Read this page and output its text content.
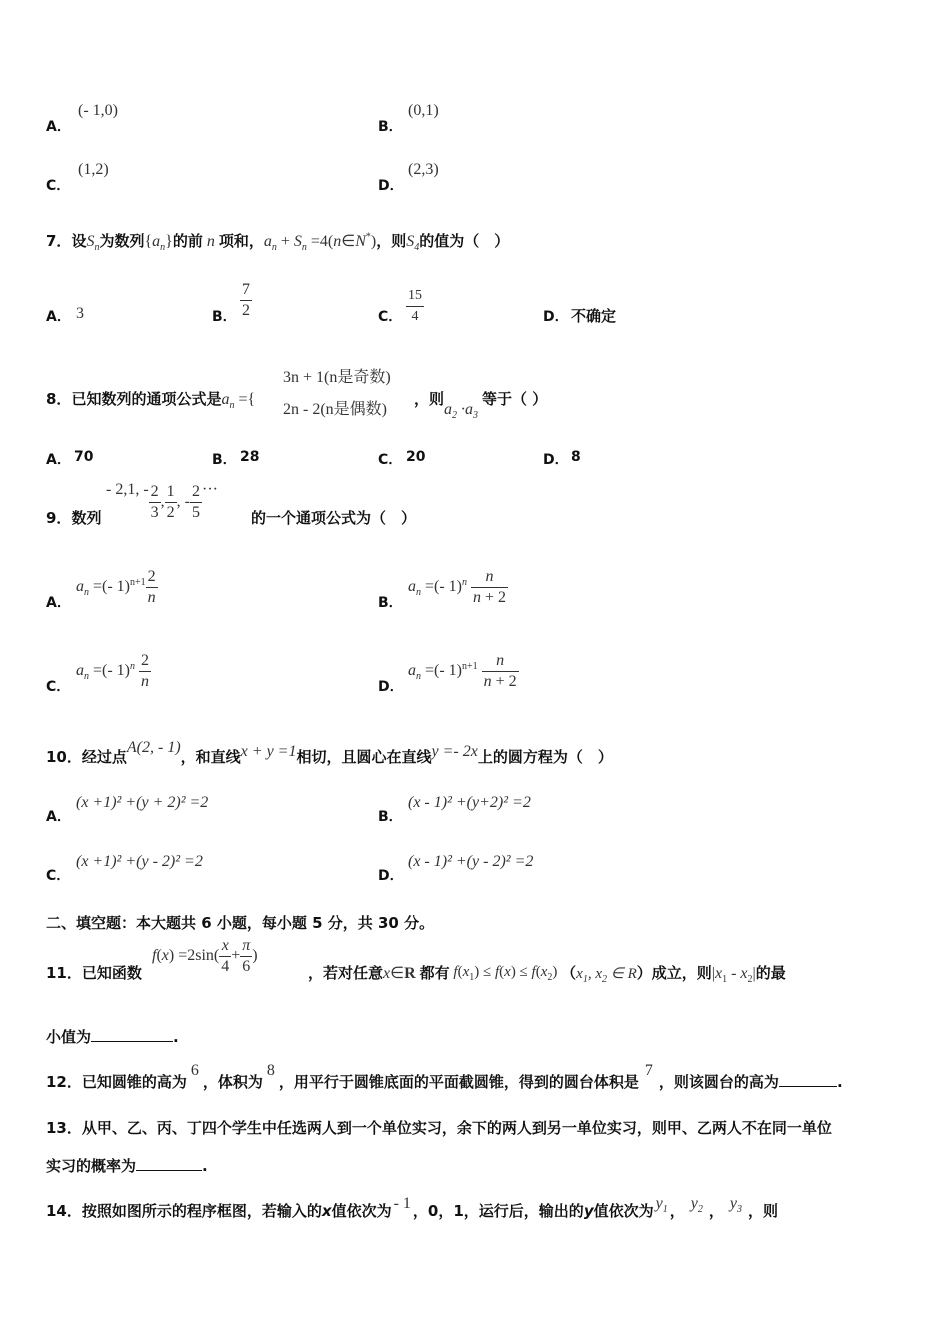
A．
(- 1,0)
B．
(0,1)
C．
(1,2)
D．
(2,3)
7．设$S_n$为数列$\{a_n\}$的前 n 项和，$a_n + S_n$ =4(n∈N*)，则$S_4$的值为（　）
A． 3	B． $\frac{7}{2}$	C． $\frac{15}{4}$	D． 不确定
8．已知数列的通项公式是$a_n$ ={
3n + 1(n是奇数)
2n - 2(n是偶数)
，则$a_2 \cdot a_3$ 等于（ ）
A． 70	B． 28	C． 20	D． 8
9．数列
- 2,1, - $\frac{2}{3}$ , $\frac{1}{2}$ , - $\frac{2}{5}$ ···
的一个通项公式为（　）
A．
$a_n$ =(- $1)^{n+1} \frac{2}{n}$	B．
$a_n$ =(- $1)^n \frac{n}{n + 2}$
C．
$a_n$ =(- $1)^n \frac{2}{n}$	D．
$a_n$ =(- $1)^{n+1} \frac{n}{n + 2}$
10．经过点A(2, - 1)，和直线x + y =1相切，且圆心在直线y =- 2x上的圆方程为（　）
A．
(x +1)² +(y + 2)² =2
B．
(x - 1)² +(y+2)² =2
C．
(x +1)² +(y - 2)² =2
D．
(x - 1)² +(y - 2)² =2
二、填空题：本大题共 6 小题，每小题 5 分，共 30 分。
11．已知函数
$f(x) =2\sin( \frac{x}{4} + \frac{\pi}{6}$ )
，若对任意x∈R 都有 $f(x_1) \le f(x) \le f(x_2)$ （$x_1$, $x_2$ ∈ R）成立，则$|x_1 - x_2|$的最
小值为	.
12．已知圆锥的高为6，体积为8，用平行于圆锥底面的平面截圆锥，得到的圆台体积是7，则该圆台的高为	.
13．从甲、乙、丙、丁四个学生中任选两人到一个单位实习，余下的两人到另一单位实习，则甲、乙两人不在同一单位
实习的概率为	.
14．按照如图所示的程序框图，若输入的x值依次为 - 1 ，0，1，运行后，输出的y值依次为 $y_1$ ， $y_2$ ， $y_3$ ，则
